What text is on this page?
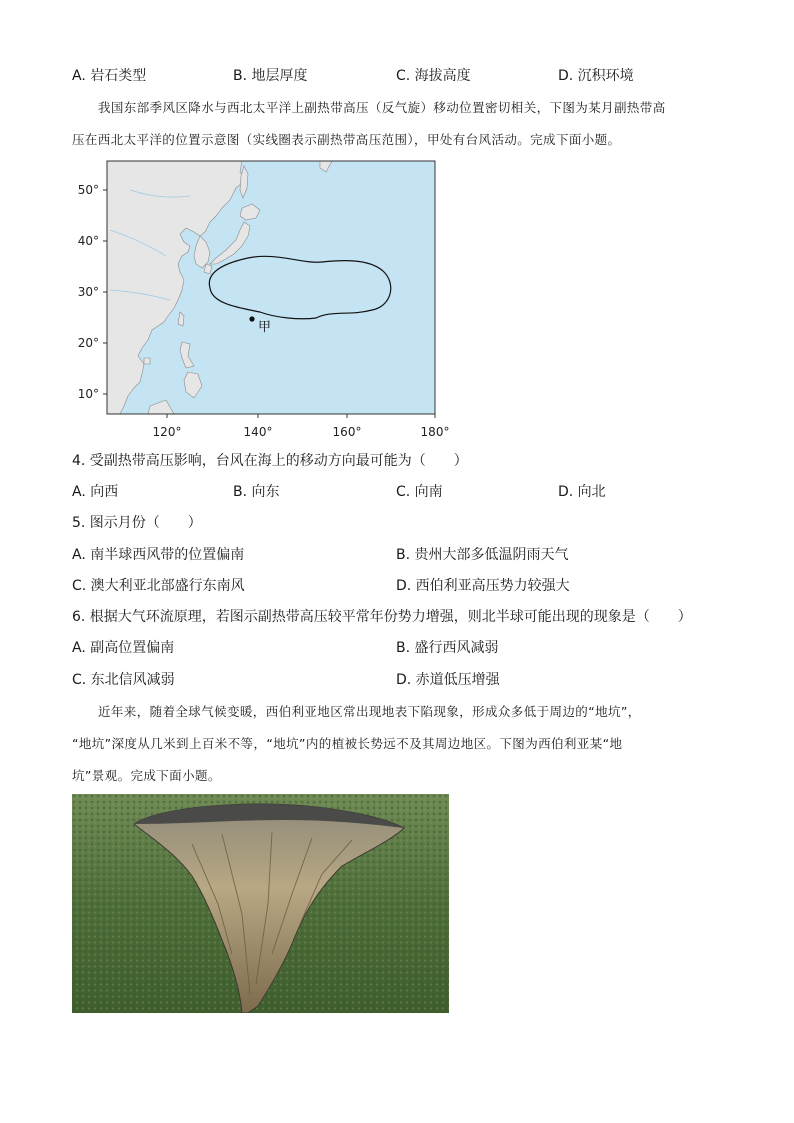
A. 岩石类型	B. 地层厚度	C. 海拔高度	D. 沉积环境
我国东部季风区降水与西北太平洋上副热带高压（反气旋）移动位置密切相关，下图为某月副热带高
压在西北太平洋的位置示意图（实线圈表示副热带高压范围），甲处有台风活动。完成下面小题。
甲
50°
40°
30°
20°
10°
120°	140°	160°	180°
4. 受副热带高压影响，台风在海上的移动方向最可能为（　　）
A. 向西	B. 向东	C. 向南	D. 向北
5. 图示月份（　　）
A. 南半球西风带的位置偏南	B. 贵州大部多低温阴雨天气
C. 澳大利亚北部盛行东南风	D. 西伯利亚高压势力较强大
6. 根据大气环流原理，若图示副热带高压较平常年份势力增强，则北半球可能出现的现象是（　　）
A. 副高位置偏南	B. 盛行西风减弱
C. 东北信风减弱	D. 赤道低压增强
近年来，随着全球气候变暖，西伯利亚地区常出现地表下陷现象，形成众多低于周边的“地坑”，
“地坑”深度从几米到上百米不等，“地坑”内的植被长势远不及其周边地区。下图为西伯利亚某“地
坑”景观。完成下面小题。
